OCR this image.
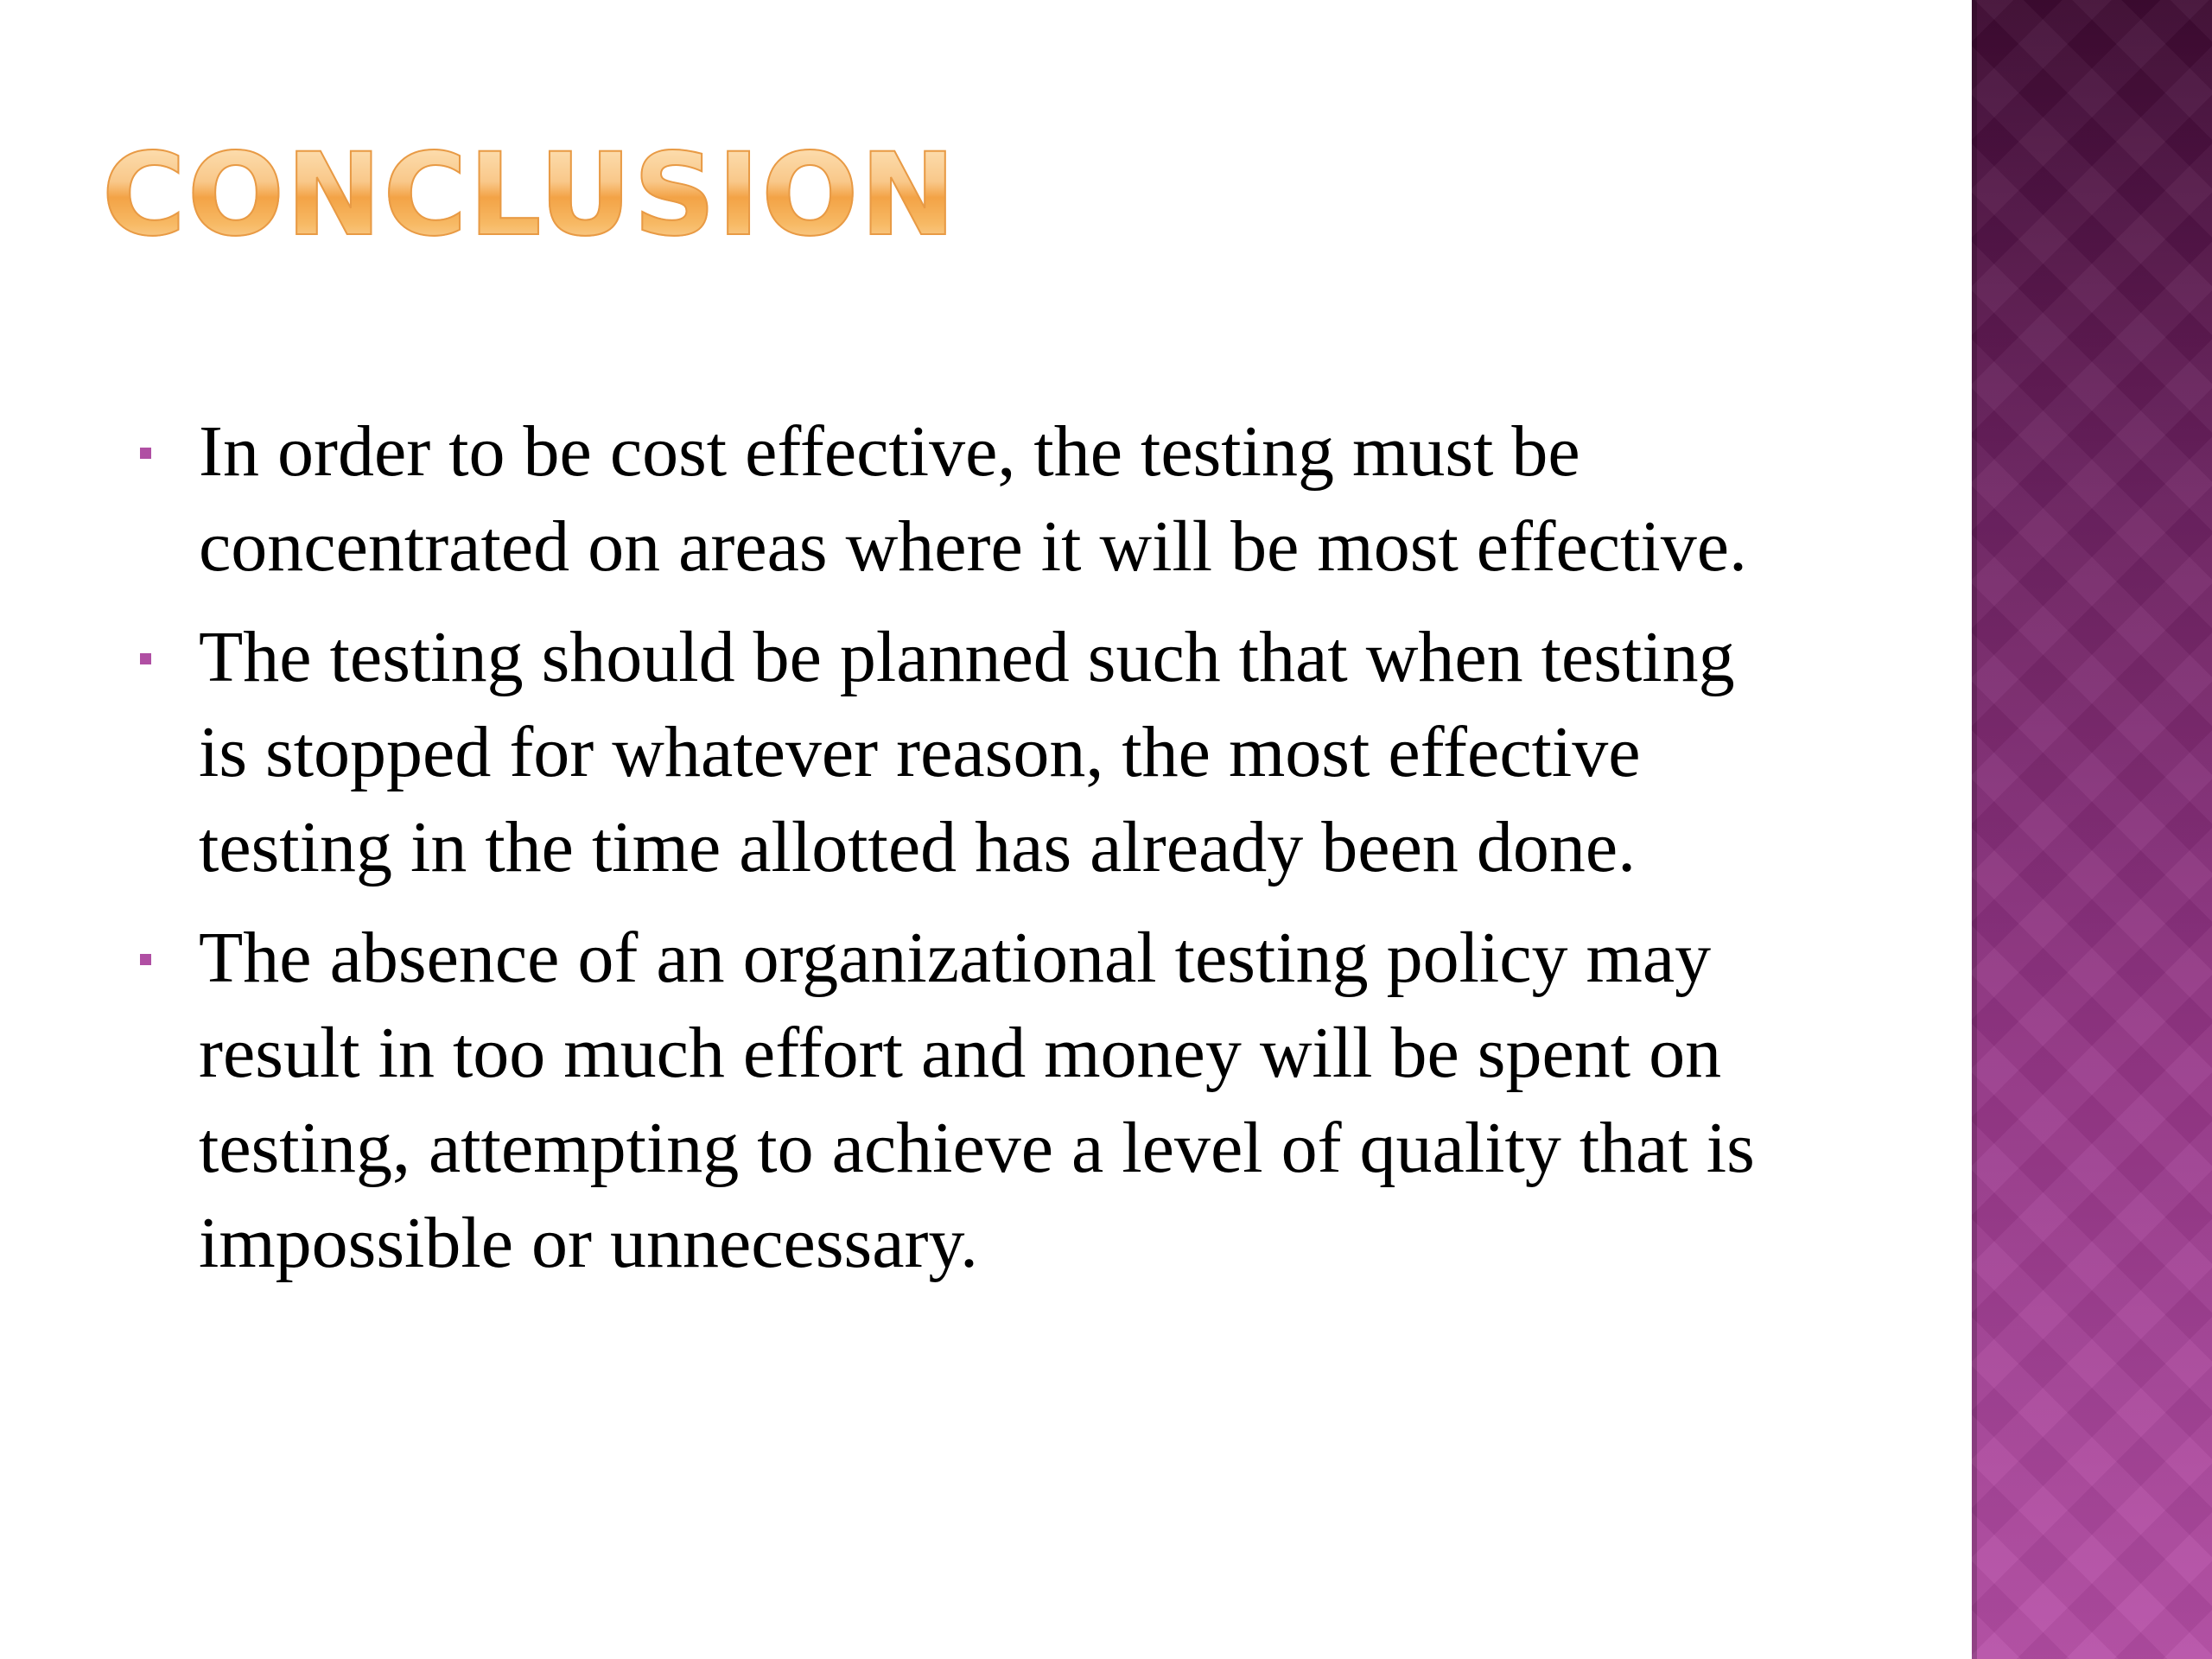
CONCLUSION
In order to be cost effective, the testing must be concentrated on areas where it will be most effective.
The testing should be planned such that when testing is stopped for whatever reason, the most effective testing in the time allotted has already been done.
The absence of an organizational testing policy may result in too much effort and money will be spent on testing, attempting to achieve a level of quality that is impossible or unnecessary.
